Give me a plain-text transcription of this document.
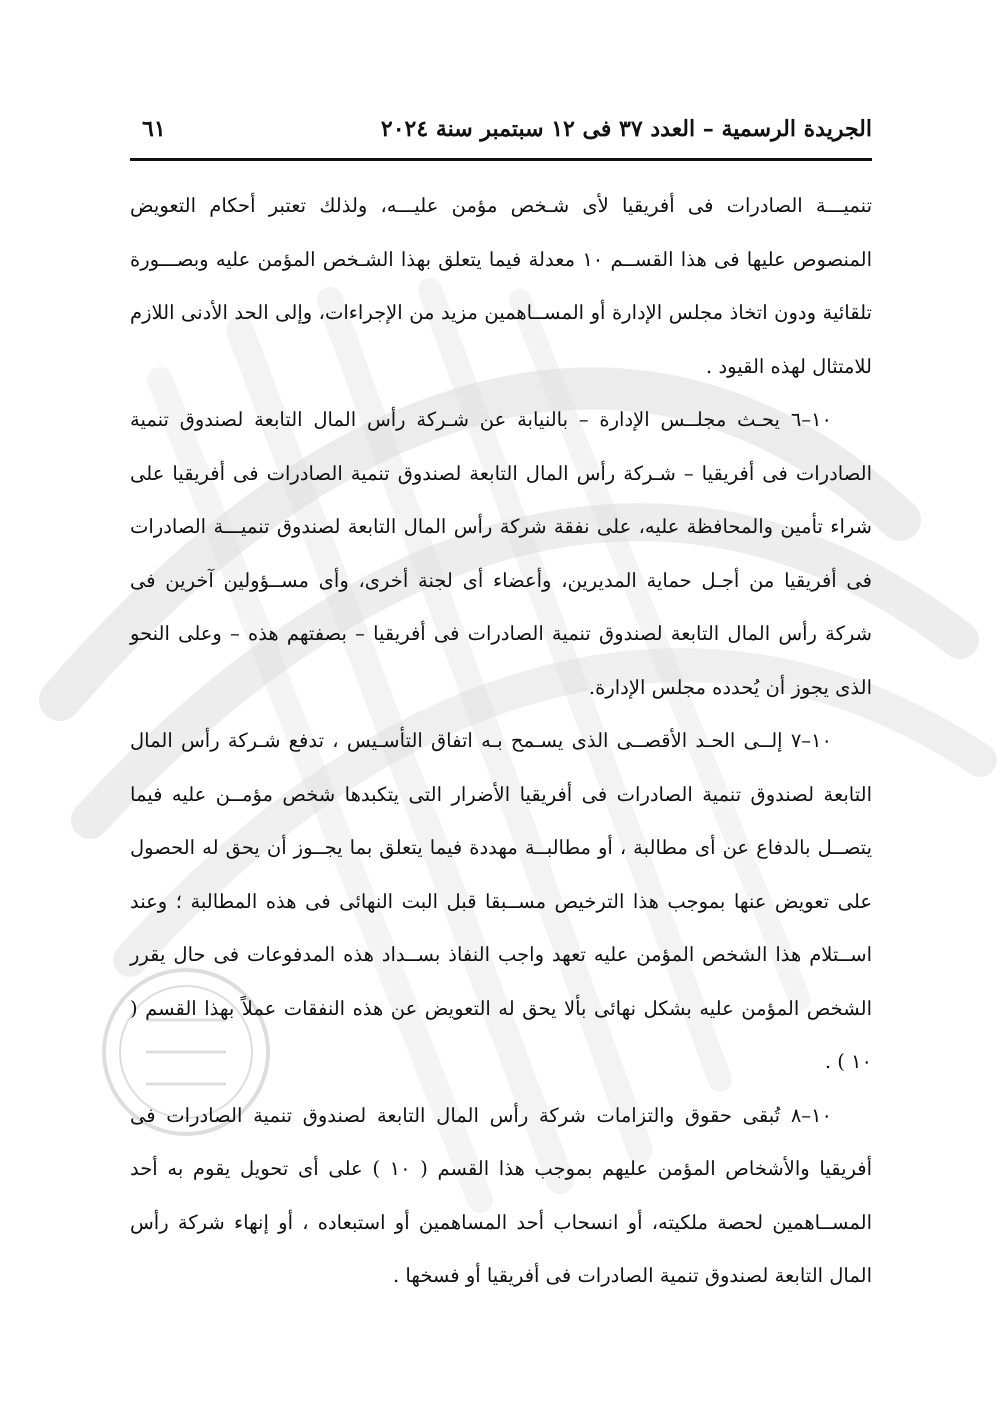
الجريدة الرسمية – العدد ٣٧ فى ١٢ سبتمبر سنة ٢٠٢٤
٦١

تنميـــة الصادرات فى أفريقيا لأى شـخص مؤمن عليـــه، ولذلك تعتبر أحكام التعويض المنصوص عليها فى هذا القســم ١٠ معدلة فيما يتعلق بهذا الشـخص المؤمن عليه وبصـــورة تلقائية ودون اتخاذ مجلس الإدارة أو المســاهمين مزيد من الإجراءات، وإلى الحد الأدنى اللازم للامتثال لهذه القيود .

١٠–٦ يحـث مجلــس الإدارة – بالنيابة عن شـركة رأس المال التابعة لصندوق تنمية الصادرات فى أفريقيا – شـركة رأس المال التابعة لصندوق تنمية الصادرات فى أفريقيا على شراء تأمين والمحافظة عليه، على نفقة شركة رأس المال التابعة لصندوق تنميـــة الصادرات فى أفريقيا من أجـل حماية المديرين، وأعضاء أى لجنة أخرى، وأى مســؤولين آخرين فى شركة رأس المال التابعة لصندوق تنمية الصادرات فى أفريقيا – بصفتهم هذه – وعلى النحو الذى يجوز أن يُحدده مجلس الإدارة.

١٠–٧ إلــى الحـد الأقصــى الذى يسـمح بـه اتفاق التأسـيس ، تدفع شـركة رأس المال التابعة لصندوق تنمية الصادرات فى أفريقيا الأضرار التى يتكبدها شخص مؤمــن عليه فيما يتصــل بالدفاع عن أى مطالبة ، أو مطالبــة مهددة فيما يتعلق بما يجــوز أن يحق له الحصول على تعويض عنها بموجب هذا الترخيص مســبقا قبل البت النهائى فى هذه المطالبة ؛ وعند اســتلام هذا الشخص المؤمن عليه تعهد واجب النفاذ بســداد هذه المدفوعات فى حال يقرر الشخص المؤمن عليه بشكل نهائى بألا يحق له التعويض عن هذه النفقات عملاً بهذا القسم ( ١٠ ) .

١٠–٨ تُبقى حقوق والتزامات شركة رأس المال التابعة لصندوق تنمية الصادرات فى أفريقيا والأشخاص المؤمن عليهم بموجب هذا القسم ( ١٠ ) على أى تحويل يقوم به أحد المســاهمين لحصة ملكيته، أو انسحاب أحد المساهمين أو استبعاده ، أو إنهاء شركة رأس المال التابعة لصندوق تنمية الصادرات فى أفريقيا أو فسخها .
